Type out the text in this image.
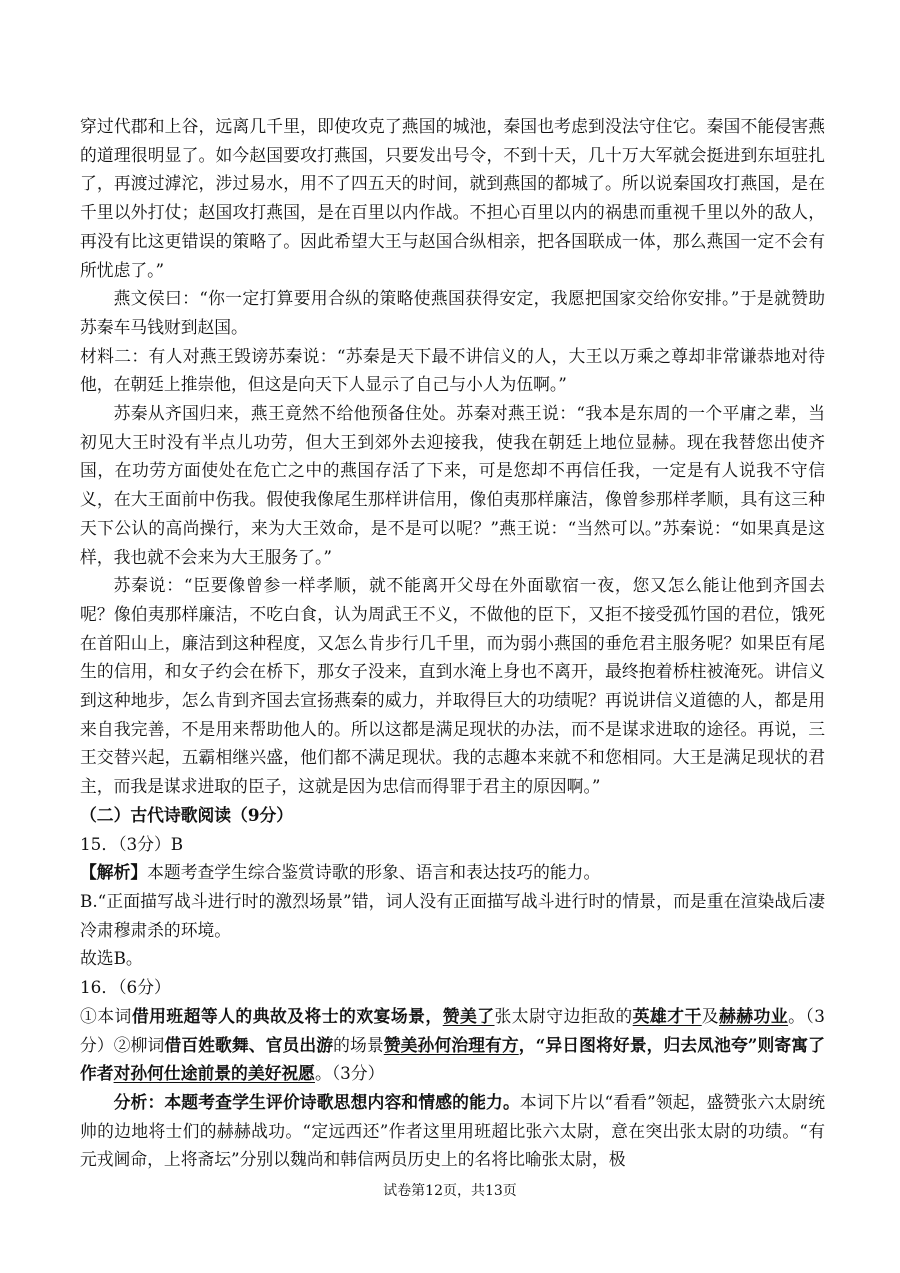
穿过代郡和上谷，远离几千里，即使攻克了燕国的城池，秦国也考虑到没法守住它。秦国不能侵害燕的道理很明显了。如今赵国要攻打燕国，只要发出号令，不到十天，几十万大军就会挺进到东垣驻扎了，再渡过滹沱，涉过易水，用不了四五天的时间，就到燕国的都城了。所以说秦国攻打燕国，是在千里以外打仗；赵国攻打燕国，是在百里以内作战。不担心百里以内的祸患而重视千里以外的敌人，再没有比这更错误的策略了。因此希望大王与赵国合纵相亲，把各国联成一体，那么燕国一定不会有所忧虑了。”

燕文侯曰：“你一定打算要用合纵的策略使燕国获得安定，我愿把国家交给你安排。”于是就赞助苏秦车马钱财到赵国。

材料二：有人对燕王毁谤苏秦说：“苏秦是天下最不讲信义的人，大王以万乘之尊却非常谦恭地对待他，在朝廷上推崇他，但这是向天下人显示了自己与小人为伍啊。”

苏秦从齐国归来，燕王竟然不给他预备住处。苏秦对燕王说：“我本是东周的一个平庸之辈，当初见大王时没有半点儿功劳，但大王到郊外去迎接我，使我在朝廷上地位显赫。现在我替您出使齐国，在功劳方面使处在危亡之中的燕国存活了下来，可是您却不再信任我，一定是有人说我不守信义，在大王面前中伤我。假使我像尾生那样讲信用，像伯夷那样廉洁，像曾参那样孝顺，具有这三种天下公认的高尚操行，来为大王效命，是不是可以呢？”燕王说：“当然可以。”苏秦说：“如果真是这样，我也就不会来为大王服务了。”

苏秦说：“臣要像曾参一样孝顺，就不能离开父母在外面歇宿一夜，您又怎么能让他到齐国去呢？像伯夷那样廉洁，不吃白食，认为周武王不义，不做他的臣下，又拒不接受孤竹国的君位，饿死在首阳山上，廉洁到这种程度，又怎么肯步行几千里，而为弱小燕国的垂危君主服务呢？如果臣有尾生的信用，和女子约会在桥下，那女子没来，直到水淹上身也不离开，最终抱着桥柱被淹死。讲信义到这种地步，怎么肯到齐国去宣扬燕秦的威力，并取得巨大的功绩呢？再说讲信义道德的人，都是用来自我完善，不是用来帮助他人的。所以这都是满足现状的办法，而不是谋求进取的途径。再说，三王交替兴起，五霸相继兴盛，他们都不满足现状。我的志趣本来就不和您相同。大王是满足现状的君主，而我是谋求进取的臣子，这就是因为忠信而得罪于君主的原因啊。”

（二）古代诗歌阅读（9分）

15．（3分）B

【解析】本题考查学生综合鉴赏诗歌的形象、语言和表达技巧的能力。

B.“正面描写战斗进行时的激烈场景”错，词人没有正面描写战斗进行时的情景，而是重在渲染战后凄冷肃穆肃杀的环境。

故选B。

16．（6分）

①本词借用班超等人的典故及将士的欢宴场景，赞美了张太尉守边拒敌的英雄才干及赫赫功业。（3分）②柳词借百姓歌舞、官员出游的场景赞美孙何治理有方，“异日图将好景，归去凤池夸”则寄寓了作者对孙何仕途前景的美好祝愿。（3分）

分析：本题考查学生评价诗歌思想内容和情感的能力。本词下片以“看看”领起，盛赞张六太尉统帅的边地将士们的赫赫战功。“定远西还”作者这里用班超比张六太尉，意在突出张太尉的功绩。“有元戎阃命，上将斋坛”分别以魏尚和韩信两员历史上的名将比喻张太尉，极

试卷第12页，共13页
